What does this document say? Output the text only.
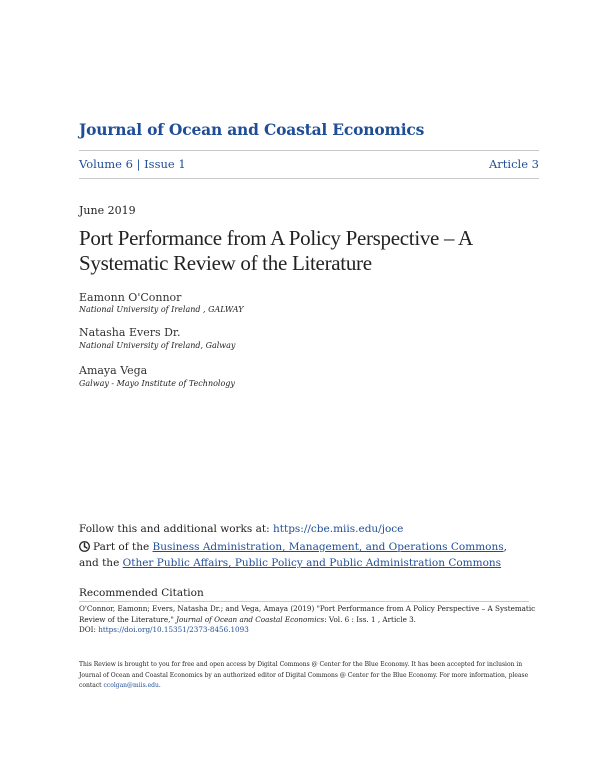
Journal of Ocean and Coastal Economics
Volume 6 | Issue 1	Article 3
June 2019
Port Performance from A Policy Perspective – A Systematic Review of the Literature
Eamonn O'Connor
National University of Ireland , GALWAY
Natasha Evers Dr.
National University of Ireland, Galway
Amaya Vega
Galway - Mayo Institute of Technology
Follow this and additional works at: https://cbe.miis.edu/joce
Part of the Business Administration, Management, and Operations Commons, and the Other Public Affairs, Public Policy and Public Administration Commons
Recommended Citation
O'Connor, Eamonn; Evers, Natasha Dr.; and Vega, Amaya (2019) "Port Performance from A Policy Perspective – A Systematic Review of the Literature," Journal of Ocean and Coastal Economics: Vol. 6 : Iss. 1 , Article 3.
DOI: https://doi.org/10.15351/2373-8456.1093
This Review is brought to you for free and open access by Digital Commons @ Center for the Blue Economy. It has been accepted for inclusion in Journal of Ocean and Coastal Economics by an authorized editor of Digital Commons @ Center for the Blue Economy. For more information, please contact ccolgan@miis.edu.
